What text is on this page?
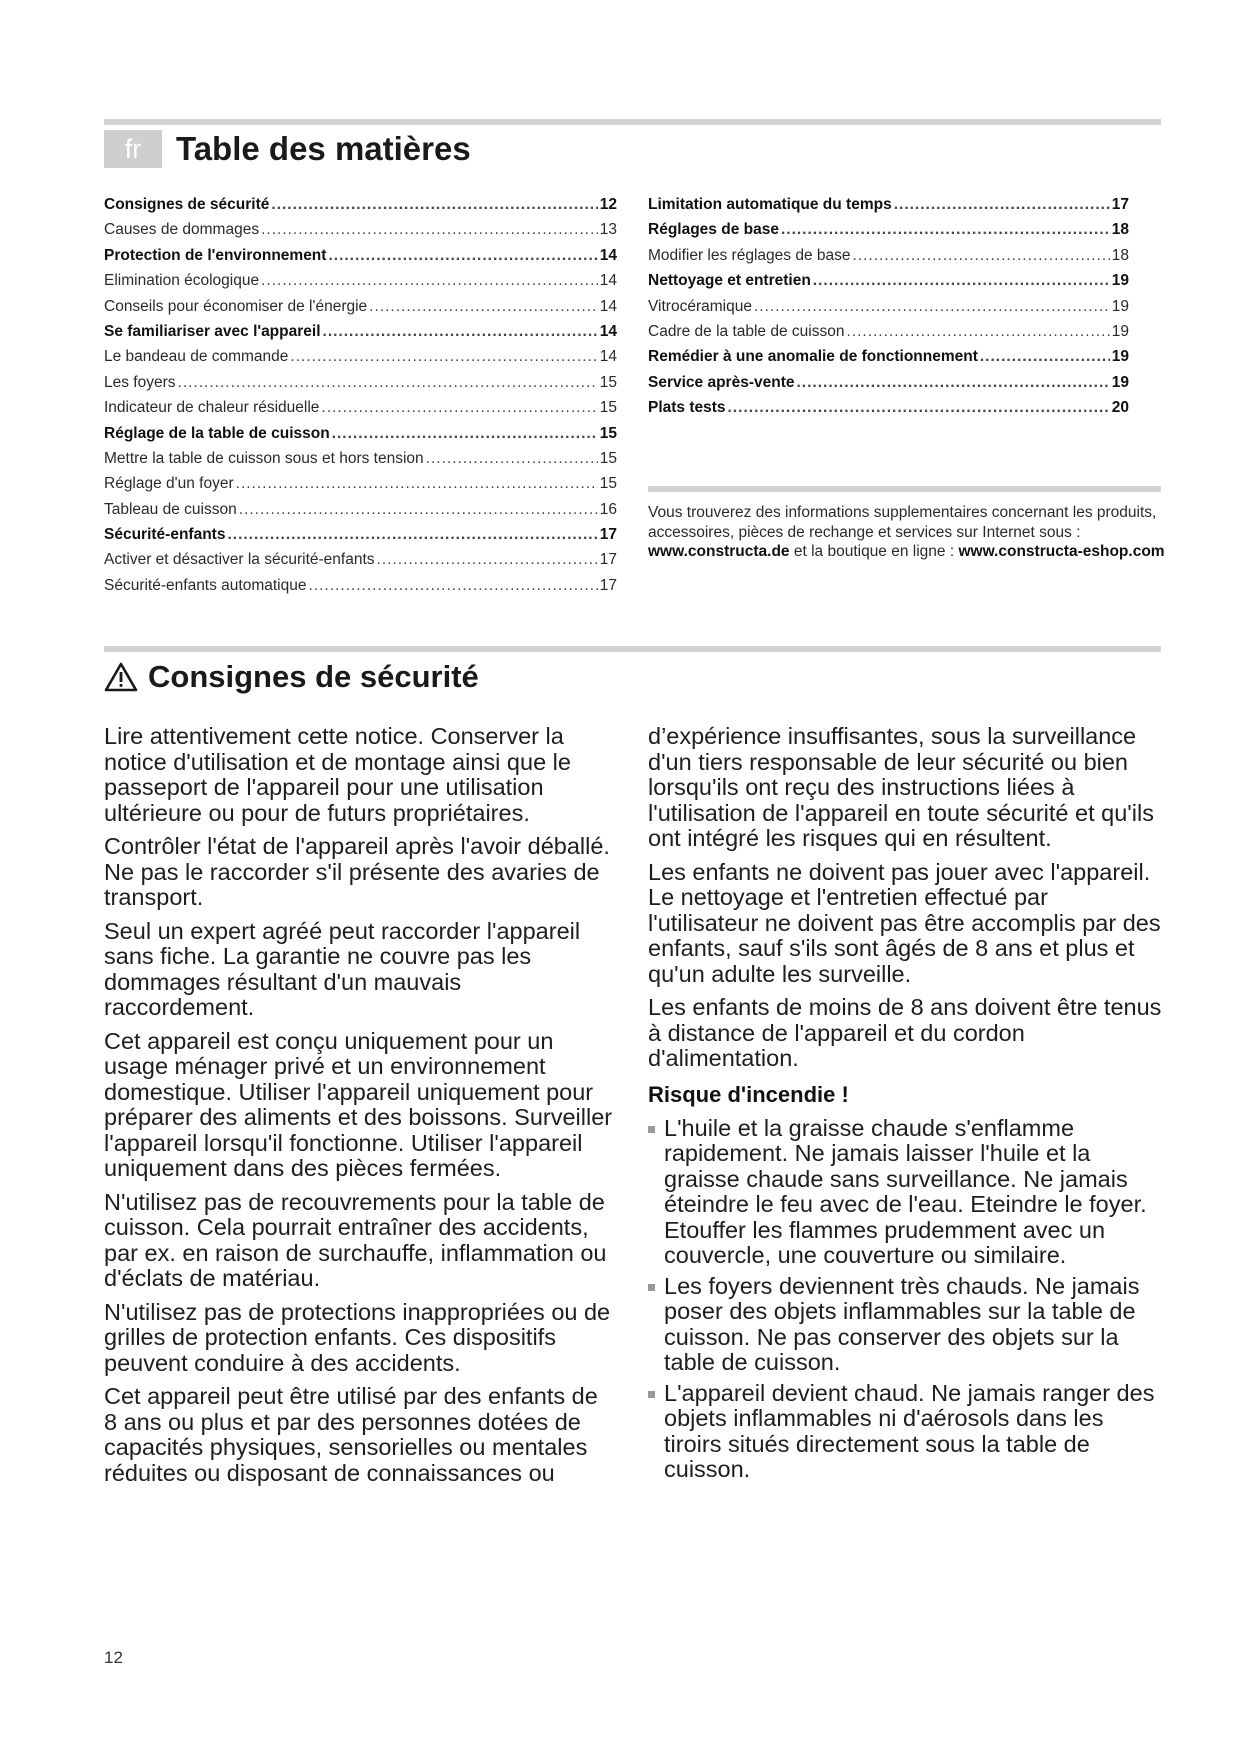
fr	Table des matières
Consignes de sécurité .....	12
Causes de dommages .....	13
Protection de l'environnement .....	14
Elimination écologique .....	14
Conseils pour économiser de l'énergie .....	14
Se familiariser avec l'appareil .....	14
Le bandeau de commande .....	14
Les foyers .....	15
Indicateur de chaleur résiduelle .....	15
Réglage de la table de cuisson .....	15
Mettre la table de cuisson sous et hors tension .....	15
Réglage d'un foyer .....	15
Tableau de cuisson .....	16
Sécurité-enfants .....	17
Activer et désactiver la sécurité-enfants .....	17
Sécurité-enfants automatique .....	17
Limitation automatique du temps .....	17
Réglages de base .....	18
Modifier les réglages de base .....	18
Nettoyage et entretien .....	19
Vitrocéramique .....	19
Cadre de la table de cuisson .....	19
Remédier à une anomalie de fonctionnement .....	19
Service après-vente .....	19
Plats tests .....	20

Vous trouverez des informations supplementaires concernant les produits, accessoires, pièces de rechange et services sur Internet sous : www.constructa.de et la boutique en ligne : www.constructa-eshop.com

Consignes de sécurité

Lire attentivement cette notice. Conserver la notice d'utilisation et de montage ainsi que le passeport de l'appareil pour une utilisation ultérieure ou pour de futurs propriétaires.

Contrôler l'état de l'appareil après l'avoir déballé. Ne pas le raccorder s'il présente des avaries de transport.

Seul un expert agréé peut raccorder l'appareil sans fiche. La garantie ne couvre pas les dommages résultant d'un mauvais raccordement.

Cet appareil est conçu uniquement pour un usage ménager privé et un environnement domestique. Utiliser l'appareil uniquement pour préparer des aliments et des boissons. Surveiller l'appareil lorsqu'il fonctionne. Utiliser l'appareil uniquement dans des pièces fermées.

N'utilisez pas de recouvrements pour la table de cuisson. Cela pourrait entraîner des accidents, par ex. en raison de surchauffe, inflammation ou d'éclats de matériau.

N'utilisez pas de protections inappropriées ou de grilles de protection enfants. Ces dispositifs peuvent conduire à des accidents.

Cet appareil peut être utilisé par des enfants de 8 ans ou plus et par des personnes dotées de capacités physiques, sensorielles ou mentales réduites ou disposant de connaissances ou

d’expérience insuffisantes, sous la surveillance d'un tiers responsable de leur sécurité ou bien lorsqu'ils ont reçu des instructions liées à l'utilisation de l'appareil en toute sécurité et qu'ils ont intégré les risques qui en résultent.

Les enfants ne doivent pas jouer avec l'appareil. Le nettoyage et l'entretien effectué par l'utilisateur ne doivent pas être accomplis par des enfants, sauf s'ils sont âgés de 8 ans et plus et qu'un adulte les surveille.

Les enfants de moins de 8 ans doivent être tenus à distance de l'appareil et du cordon d'alimentation.

Risque d'incendie !
L'huile et la graisse chaude s'enflamme rapidement. Ne jamais laisser l'huile et la graisse chaude sans surveillance. Ne jamais éteindre le feu avec de l'eau. Eteindre le foyer. Etouffer les flammes prudemment avec un couvercle, une couverture ou similaire.
Les foyers deviennent très chauds. Ne jamais poser des objets inflammables sur la table de cuisson. Ne pas conserver des objets sur la table de cuisson.
L'appareil devient chaud. Ne jamais ranger des objets inflammables ni d'aérosols dans les tiroirs situés directement sous la table de cuisson.
12
